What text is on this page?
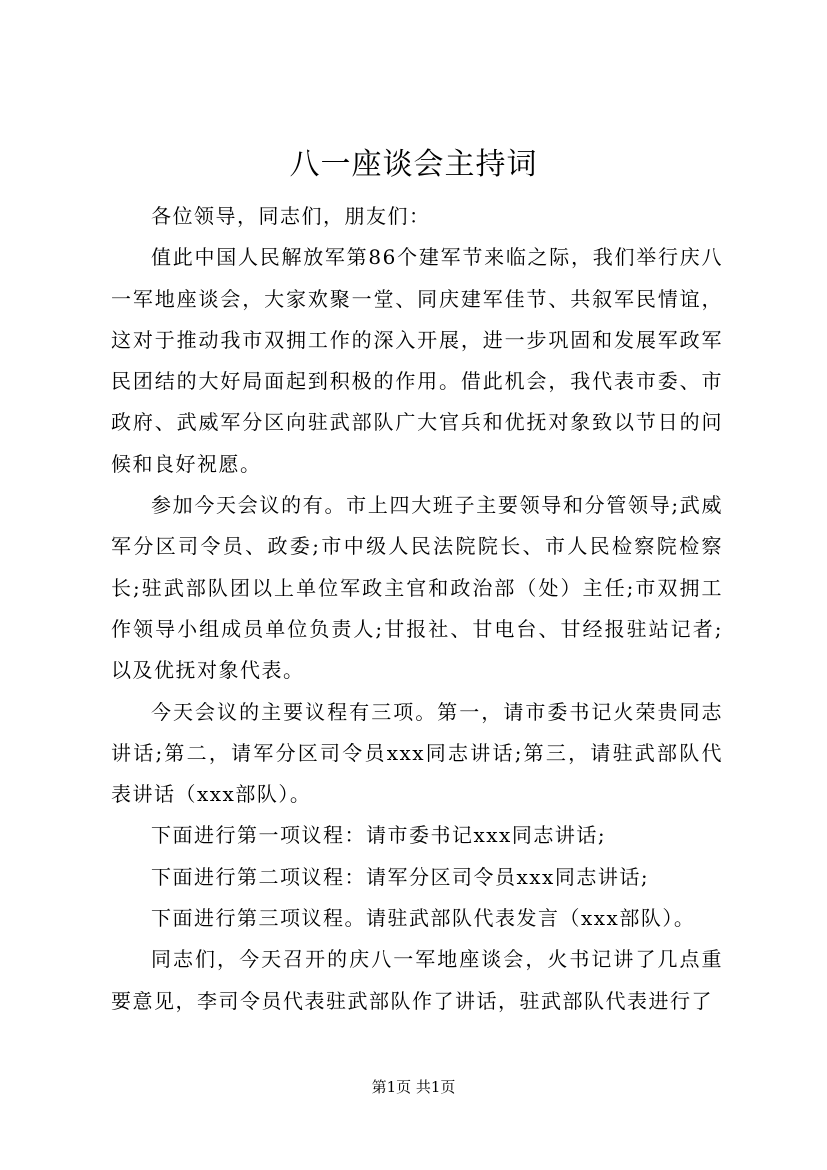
八一座谈会主持词

各位领导，同志们，朋友们：

值此中国人民解放军第86个建军节来临之际，我们举行庆八一军地座谈会，大家欢聚一堂、同庆建军佳节、共叙军民情谊，这对于推动我市双拥工作的深入开展，进一步巩固和发展军政军民团结的大好局面起到积极的作用。借此机会，我代表市委、市政府、武威军分区向驻武部队广大官兵和优抚对象致以节日的问候和良好祝愿。

参加今天会议的有。市上四大班子主要领导和分管领导;武威军分区司令员、政委;市中级人民法院院长、市人民检察院检察长;驻武部队团以上单位军政主官和政治部（处）主任;市双拥工作领导小组成员单位负责人;甘报社、甘电台、甘经报驻站记者;以及优抚对象代表。

今天会议的主要议程有三项。第一，请市委书记火荣贵同志讲话;第二，请军分区司令员xxx同志讲话;第三，请驻武部队代表讲话（xxx部队）。

下面进行第一项议程：请市委书记xxx同志讲话;

下面进行第二项议程：请军分区司令员xxx同志讲话;

下面进行第三项议程。请驻武部队代表发言（xxx部队）。

同志们，今天召开的庆八一军地座谈会，火书记讲了几点重要意见，李司令员代表驻武部队作了讲话，驻武部队代表进行了

第1页 共1页
